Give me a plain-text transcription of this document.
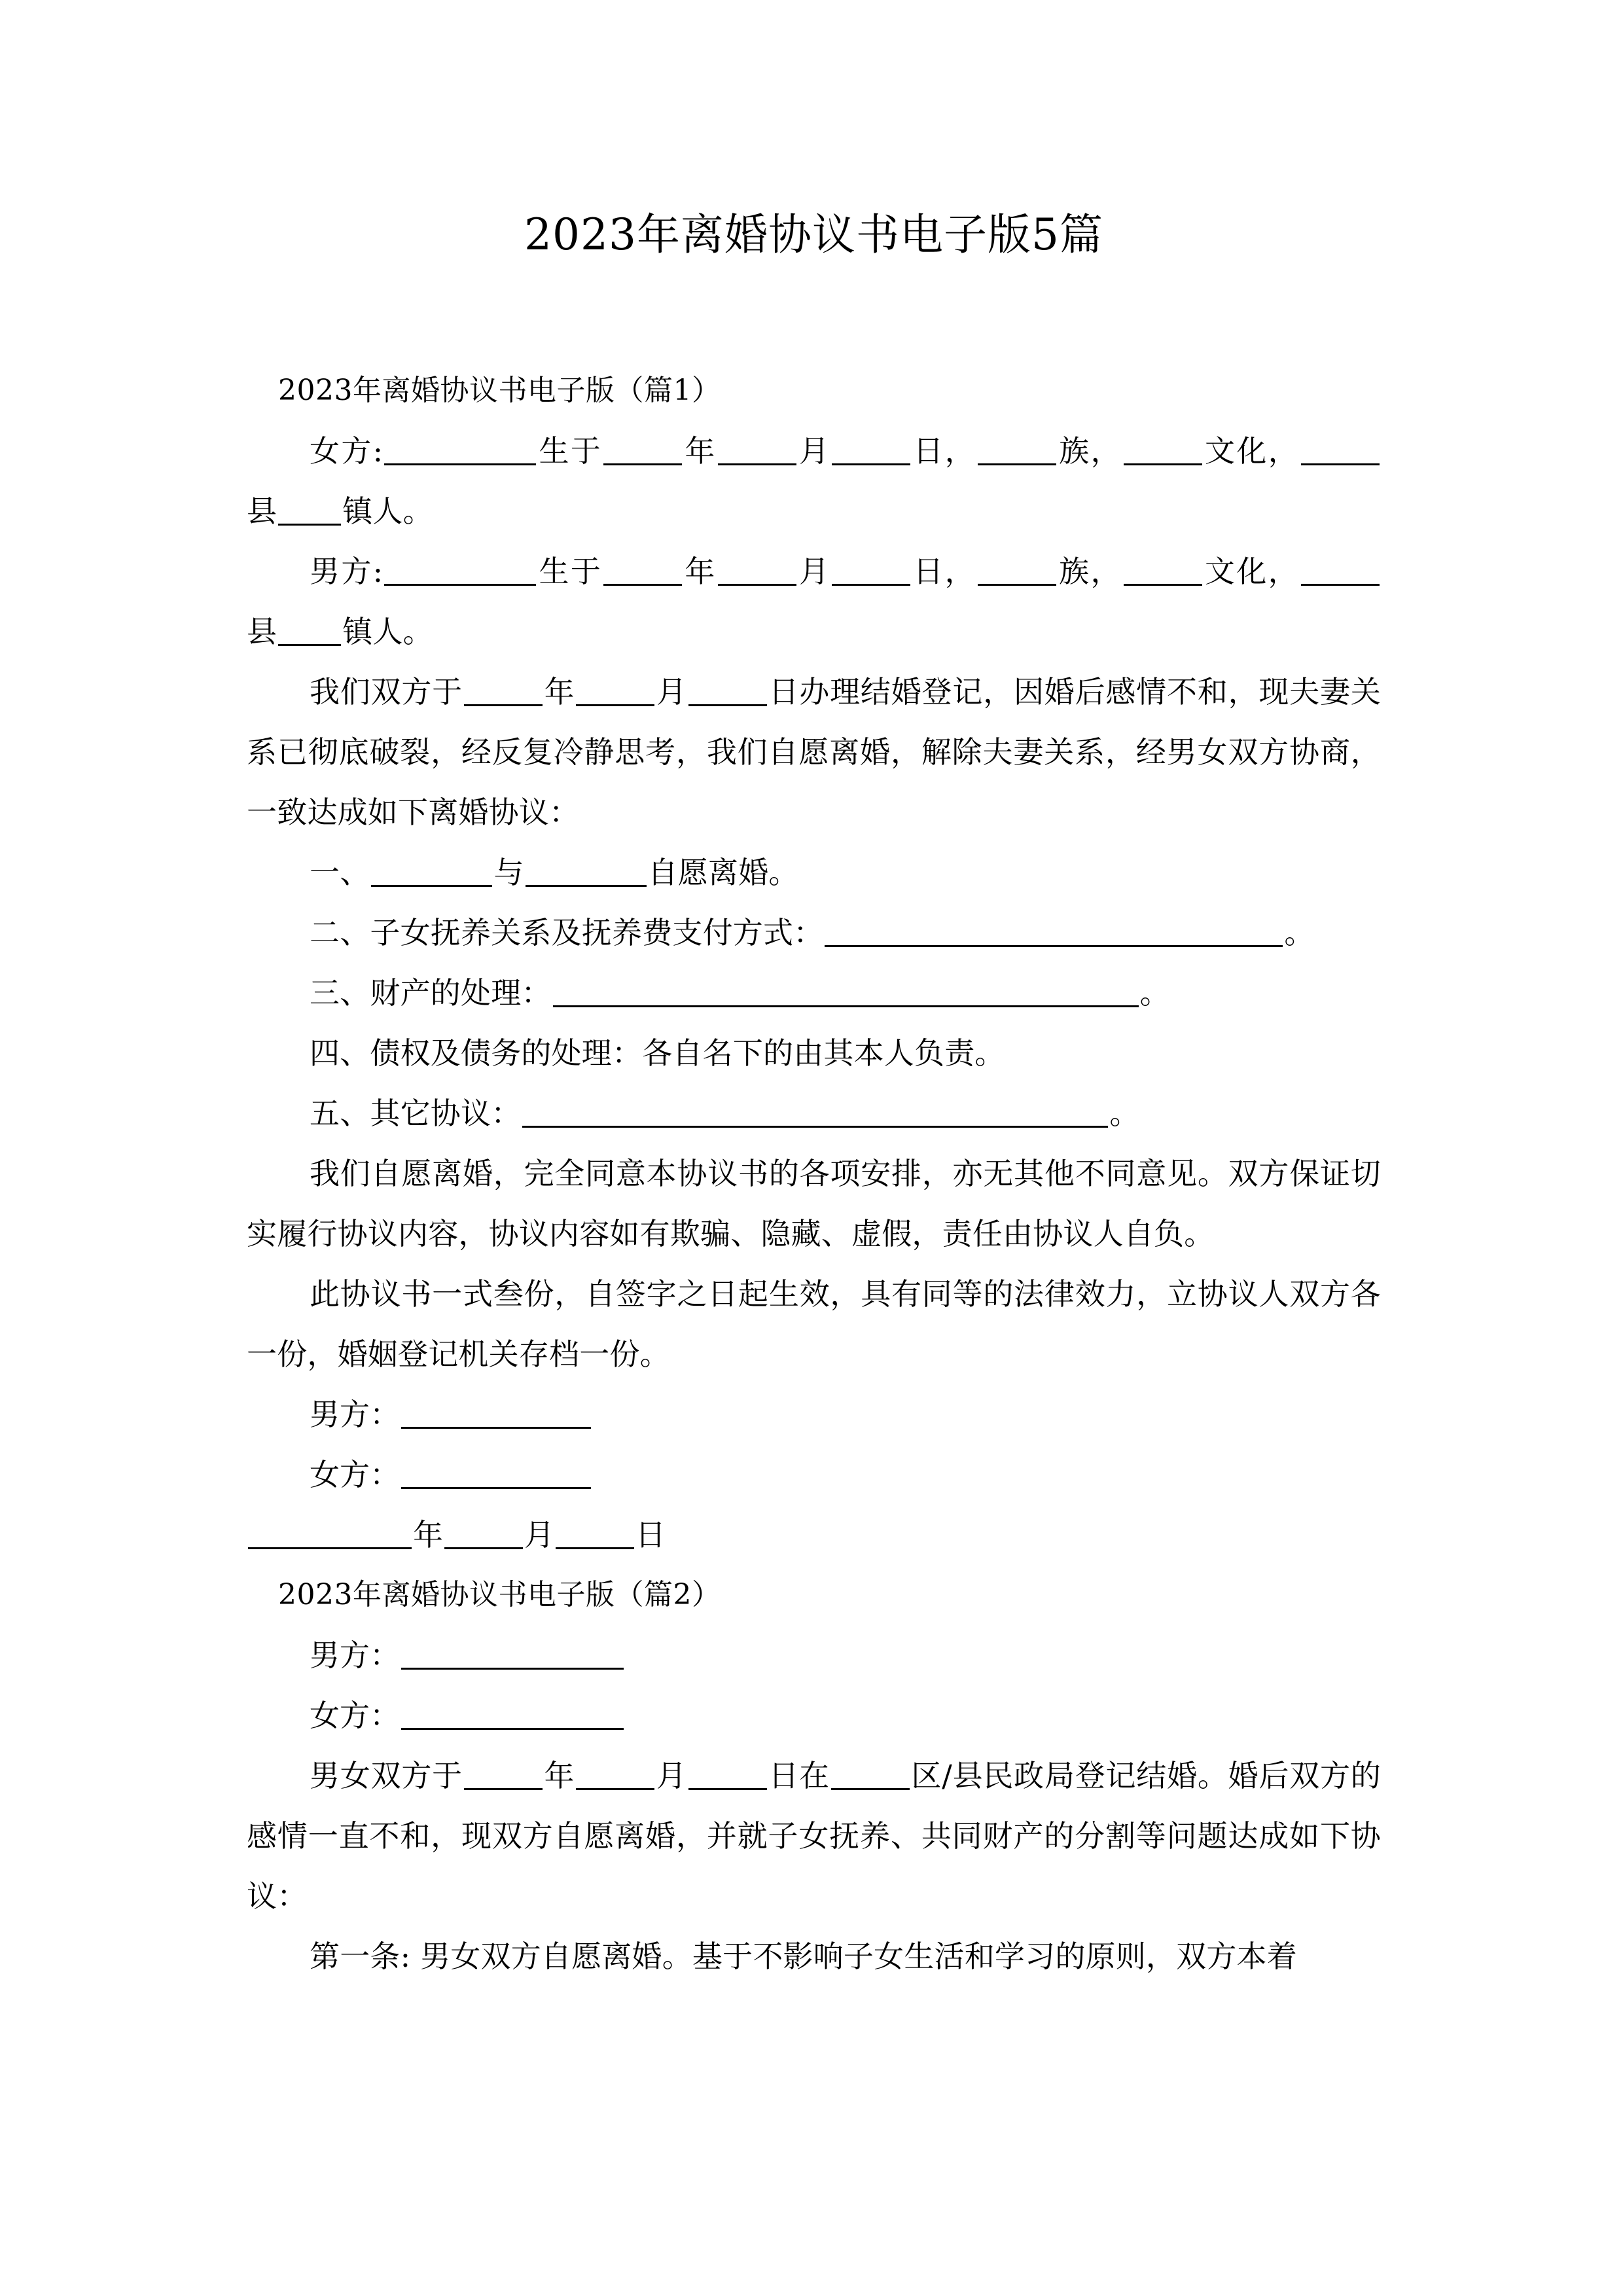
2023年离婚协议书电子版5篇
2023年离婚协议书电子版（篇1）

女方:	生于	年	月	日，	族，	文化，县 镇人。

男方:	生于	年	月	日，	族，	文化，县 镇人。

我们双方于	年	月	日办理结婚登记，因婚后感情不和，现夫妻关系已彻底破裂，经反复冷静思考，我们自愿离婚，解除夫妻关系，经男女双方协商，一致达成如下离婚协议：

一、	与	自愿离婚。

二、子女抚养关系及抚养费支付方式：	。

三、财产的处理：	。

四、债权及债务的处理：各自名下的由其本人负责。

五、其它协议：	。

我们自愿离婚，完全同意本协议书的各项安排，亦无其他不同意见。双方保证切实履行协议内容，协议内容如有欺骗、隐藏、虚假，责任由协议人自负。

此协议书一式叁份，自签字之日起生效，具有同等的法律效力，立协议人双方各一份，婚姻登记机关存档一份。

男方：

女方：

年	月	日

2023年离婚协议书电子版（篇2）

男方：

女方：

男女双方于	年	月	日在	区/县民政局登记结婚。婚后双方的感情一直不和，现双方自愿离婚，并就子女抚养、共同财产的分割等问题达成如下协议：

第一条: 男女双方自愿离婚。基于不影响子女生活和学习的原则，双方本着
